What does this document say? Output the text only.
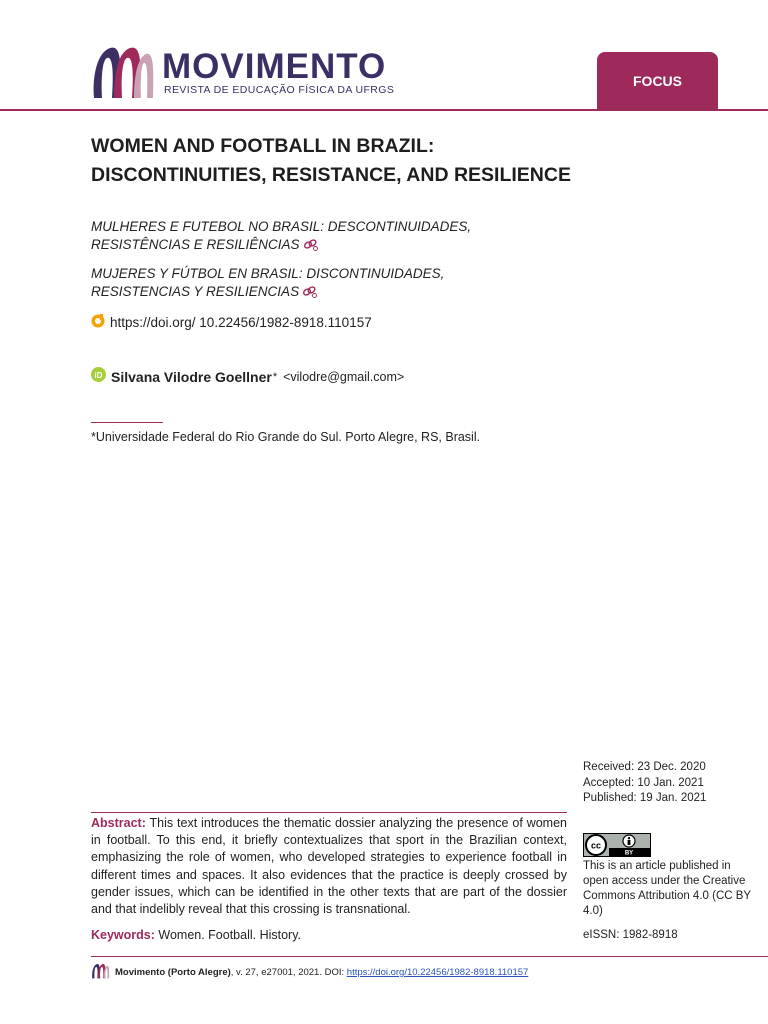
MOVIMENTO
REVISTA DE EDUCAÇÃO FÍSICA DA UFRGS
FOCUS
WOMEN AND FOOTBALL IN BRAZIL: DISCONTINUITIES, RESISTANCE, AND RESILIENCE
MULHERES E FUTEBOL NO BRASIL: DESCONTINUIDADES, RESISTÊNCIAS E RESILIÊNCIAS
MUJERES Y FÚTBOL EN BRASIL: DISCONTINUIDADES, RESISTENCIAS Y RESILIENCIAS
https://doi.org/ 10.22456/1982-8918.110157
iD Silvana Vilodre Goellner * <vilodre@gmail.com>
*Universidade Federal do Rio Grande do Sul. Porto Alegre, RS, Brasil.
Received: 23 Dec. 2020
Accepted: 10 Jan. 2021
Published: 19 Jan. 2021
cc
BY
This is an article published in open access under the Creative Commons Attribution 4.0 (CC BY 4.0)
eISSN: 1982-8918

Abstract: This text introduces the thematic dossier analyzing the presence of women in football. To this end, it briefly contextualizes that sport in the Brazilian context, emphasizing the role of women, who developed strategies to experience football in different times and spaces. It also evidences that the practice is deeply crossed by gender issues, which can be identified in the other texts that are part of the dossier and that indelibly reveal that this crossing is transnational.

Keywords: Women. Football. History.
Movimento (Porto Alegre), v. 27, e27001, 2021. DOI: https://doi.org/10.22456/1982-8918.110157
